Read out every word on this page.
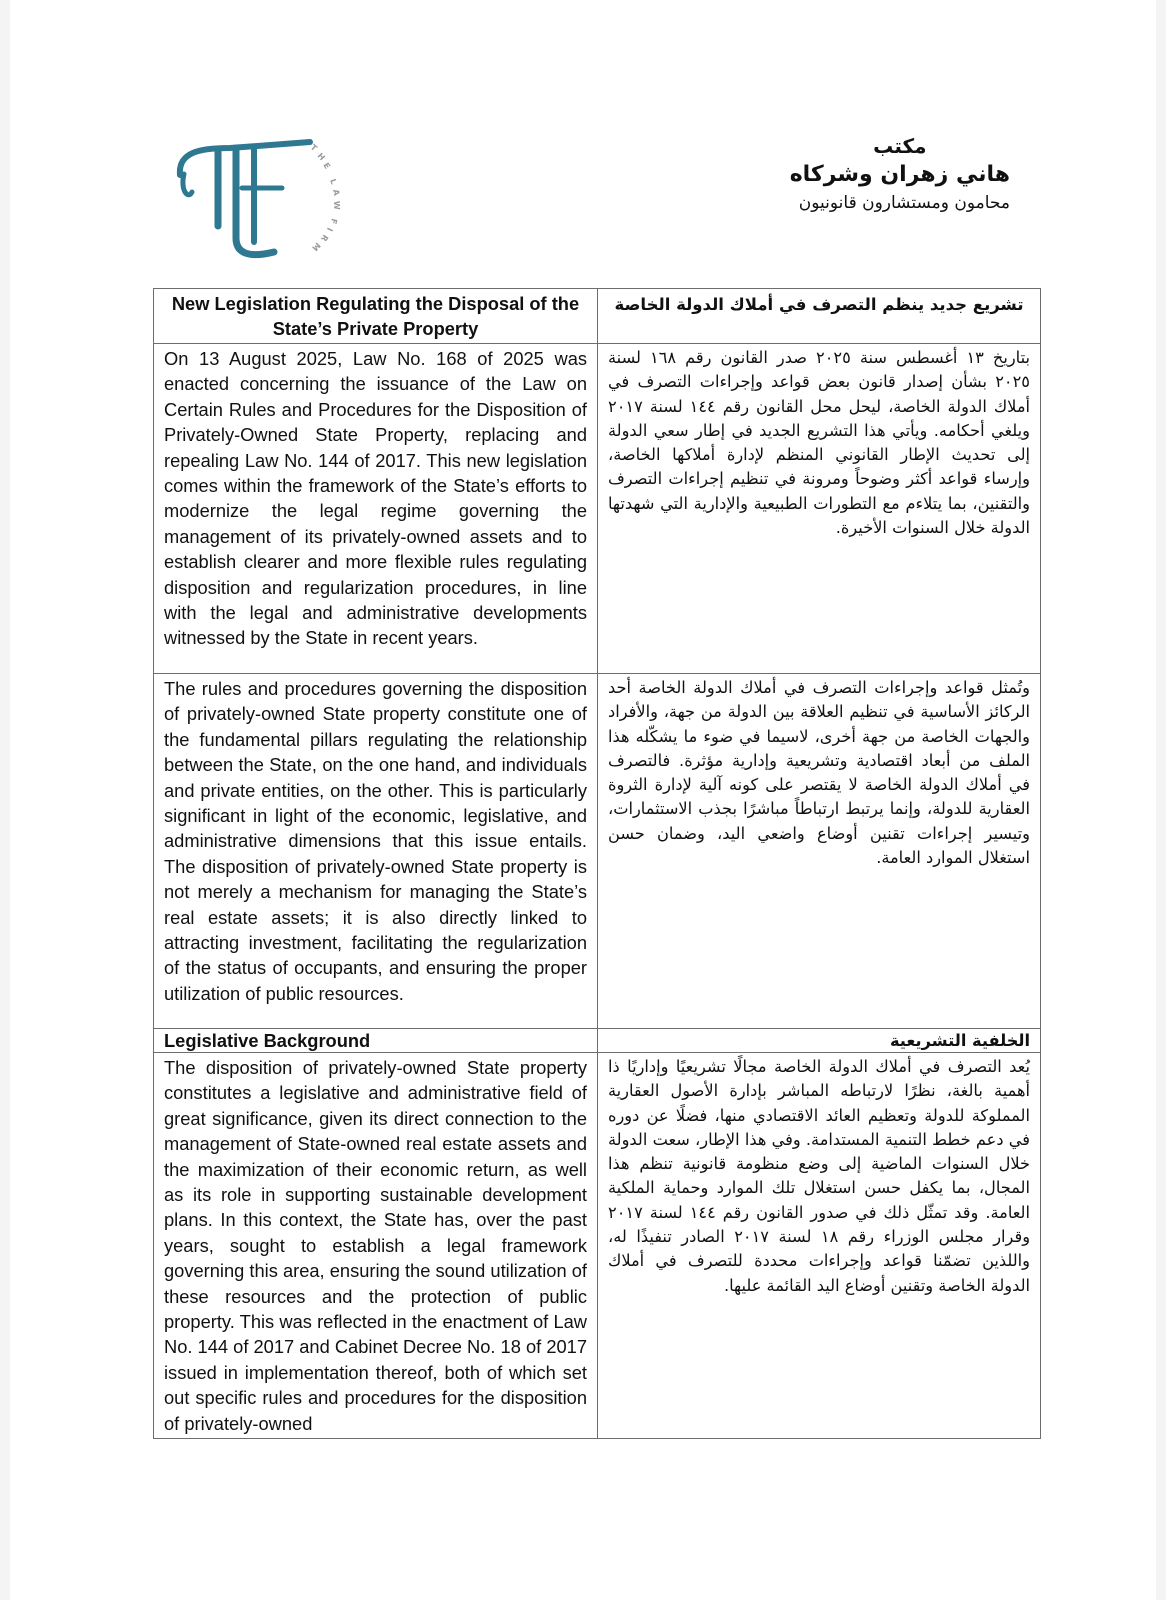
T
H
E
L
A
W
F
I
R
M
مكتب
هاني زهران وشركاه
محامون ومستشارون قانونيون
New Legislation Regulating the Disposal of the State’s Private Property	تشريع جديد ينظم التصرف في أملاك الدولة الخاصة
On 13 August 2025, Law No. 168 of 2025 was enacted concerning the issuance of the Law on Certain Rules and Procedures for the Disposition of Privately-Owned State Property, replacing and repealing Law No. 144 of 2017. This new legislation comes within the framework of the State’s efforts to modernize the legal regime governing the management of its privately-owned assets and to establish clearer and more flexible rules regulating disposition and regularization procedures, in line with the legal and administrative developments witnessed by the State in recent years.	بتاريخ ١٣ أغسطس سنة ٢٠٢٥ صدر القانون رقم ١٦٨ لسنة ٢٠٢٥ بشأن إصدار قانون بعض قواعد وإجراءات التصرف في أملاك الدولة الخاصة، ليحل محل القانون رقم ١٤٤ لسنة ٢٠١٧ ويلغي أحكامه. ويأتي هذا التشريع الجديد في إطار سعي الدولة إلى تحديث الإطار القانوني المنظم لإدارة أملاكها الخاصة، وإرساء قواعد أكثر وضوحاً ومرونة في تنظيم إجراءات التصرف والتقنين، بما يتلاءم مع التطورات الطبيعية والإدارية التي شهدتها الدولة خلال السنوات الأخيرة.
The rules and procedures governing the disposition of privately-owned State property constitute one of the fundamental pillars regulating the relationship between the State, on the one hand, and individuals and private entities, on the other. This is particularly significant in light of the economic, legislative, and administrative dimensions that this issue entails. The disposition of privately-owned State property is not merely a mechanism for managing the State’s real estate assets; it is also directly linked to attracting investment, facilitating the regularization of the status of occupants, and ensuring the proper utilization of public resources.	وتُمثل قواعد وإجراءات التصرف في أملاك الدولة الخاصة أحد الركائز الأساسية في تنظيم العلاقة بين الدولة من جهة، والأفراد والجهات الخاصة من جهة أخرى، لاسيما في ضوء ما يشكّله هذا الملف من أبعاد اقتصادية وتشريعية وإدارية مؤثرة. فالتصرف في أملاك الدولة الخاصة لا يقتصر على كونه آلية لإدارة الثروة العقارية للدولة، وإنما يرتبط ارتباطاً مباشرًا بجذب الاستثمارات، وتيسير إجراءات تقنين أوضاع واضعي اليد، وضمان حسن استغلال الموارد العامة.
Legislative Background	الخلفية التشريعية
The disposition of privately-owned State property constitutes a legislative and administrative field of great significance, given its direct connection to the management of State-owned real estate assets and the maximization of their economic return, as well as its role in supporting sustainable development plans. In this context, the State has, over the past years, sought to establish a legal framework governing this area, ensuring the sound utilization of these resources and the protection of public property. This was reflected in the enactment of Law No. 144 of 2017 and Cabinet Decree No. 18 of 2017 issued in implementation thereof, both of which set out specific rules and procedures for the disposition of privately-owned	يُعد التصرف في أملاك الدولة الخاصة مجالًا تشريعيًا وإداريًا ذا أهمية بالغة، نظرًا لارتباطه المباشر بإدارة الأصول العقارية المملوكة للدولة وتعظيم العائد الاقتصادي منها، فضلًا عن دوره في دعم خطط التنمية المستدامة. وفي هذا الإطار، سعت الدولة خلال السنوات الماضية إلى وضع منظومة قانونية تنظم هذا المجال، بما يكفل حسن استغلال تلك الموارد وحماية الملكية العامة. وقد تمثّل ذلك في صدور القانون رقم ١٤٤ لسنة ٢٠١٧ وقرار مجلس الوزراء رقم ١٨ لسنة ٢٠١٧ الصادر تنفيذًا له، واللذين تضمّنا قواعد وإجراءات محددة للتصرف في أملاك الدولة الخاصة وتقنين أوضاع اليد القائمة عليها.
